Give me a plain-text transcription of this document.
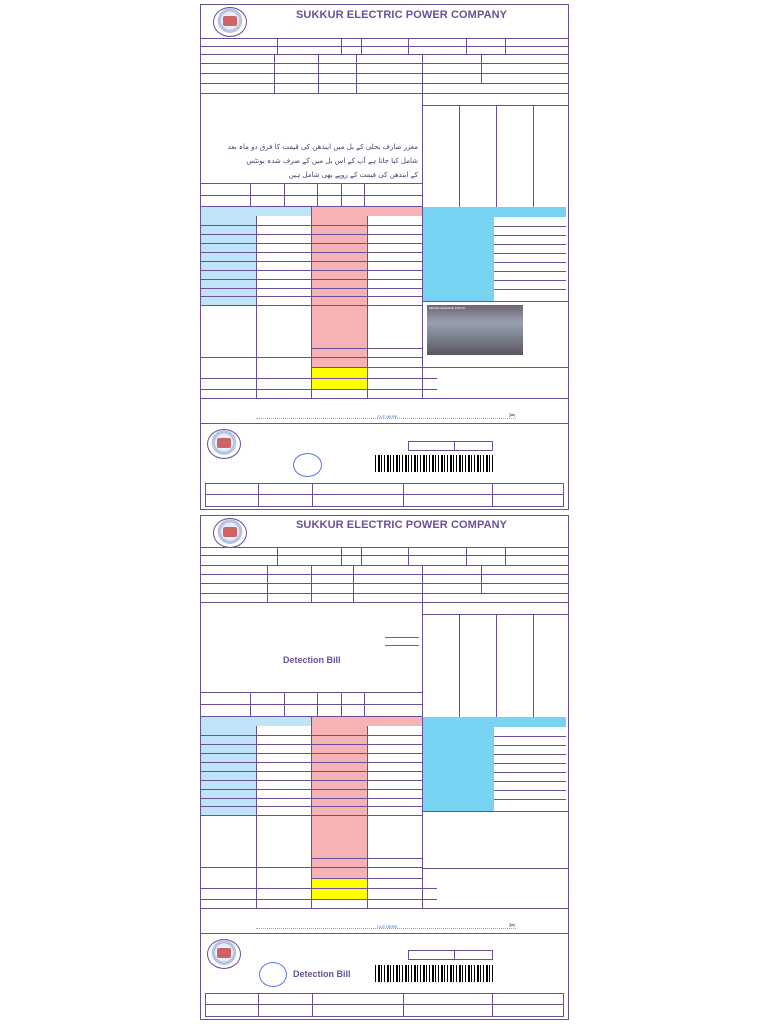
SUKKUR ELECTRIC POWER COMPANY
معزز صارف بجلی کے بل میں ایندھن کی قیمت کا فرق دو ماہ بعد
شامل کیا جاتا ہے آپ کے اس بل میں کے صرف شدہ یونٹس
کے ایندھن کی قیمت کے روپے بھی شامل ہیں
METER READING PHOTO
CUT HERE	✂
SUKKUR ELECTRIC POWER COMPANY
Detection Bill
CUT HERE	✂
Detection Bill
